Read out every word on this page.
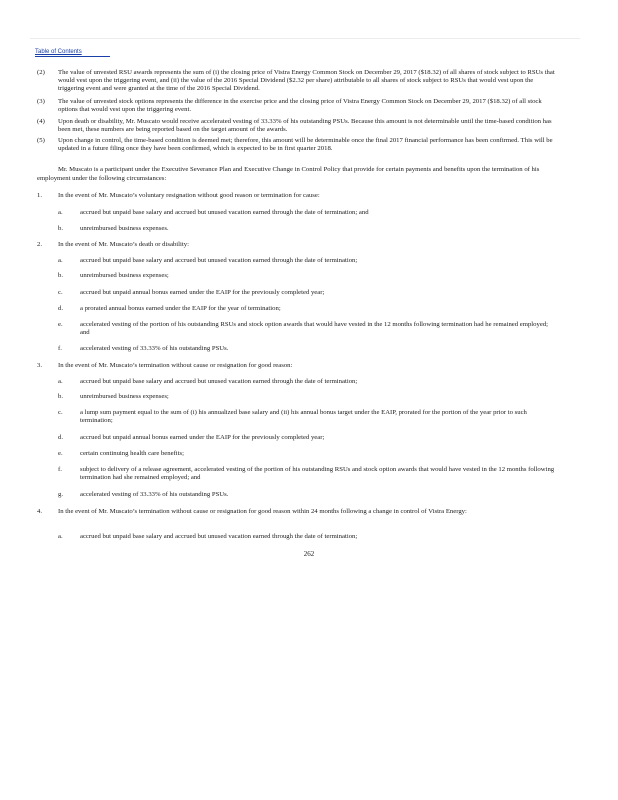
Table of Contents
(2) The value of unvested RSU awards represents the sum of (i) the closing price of Vistra Energy Common Stock on December 29, 2017 ($18.32) of all shares of stock subject to RSUs that would vest upon the triggering event, and (ii) the value of the 2016 Special Dividend ($2.32 per share) attributable to all shares of stock subject to RSUs that would vest upon the triggering event and were granted at the time of the 2016 Special Dividend.
(3) The value of unvested stock options represents the difference in the exercise price and the closing price of Vistra Energy Common Stock on December 29, 2017 ($18.32) of all stock options that would vest upon the triggering event.
(4) Upon death or disability, Mr. Muscato would receive accelerated vesting of 33.33% of his outstanding PSUs. Because this amount is not determinable until the time-based condition has been met, these numbers are being reported based on the target amount of the awards.
(5) Upon change in control, the time-based condition is deemed met; therefore, this amount will be determinable once the final 2017 financial performance has been confirmed. This will be updated in a future filing once they have been confirmed, which is expected to be in first quarter 2018.
Mr. Muscato is a participant under the Executive Severance Plan and Executive Change in Control Policy that provide for certain payments and benefits upon the termination of his employment under the following circumstances:
1. In the event of Mr. Muscato’s voluntary resignation without good reason or termination for cause:
a.	accrued but unpaid base salary and accrued but unused vacation earned through the date of termination; and
b.	unreimbursed business expenses.
2. In the event of Mr. Muscato’s death or disability:
a.	accrued but unpaid base salary and accrued but unused vacation earned through the date of termination;
b.	unreimbursed business expenses;
c.	accrued but unpaid annual bonus earned under the EAIP for the previously completed year;
d.	a prorated annual bonus earned under the EAIP for the year of termination;
e.	accelerated vesting of the portion of his outstanding RSUs and stock option awards that would have vested in the 12 months following termination had he remained employed; and
f.	accelerated vesting of 33.33% of his outstanding PSUs.
3. In the event of Mr. Muscato’s termination without cause or resignation for good reason:
a.	accrued but unpaid base salary and accrued but unused vacation earned through the date of termination;
b.	unreimbursed business expenses;
c.	a lump sum payment equal to the sum of (i) his annualized base salary and (ii) his annual bonus target under the EAIP, prorated for the portion of the year prior to such termination;
d.	accrued but unpaid annual bonus earned under the EAIP for the previously completed year;
e.	certain continuing health care benefits;
f.	subject to delivery of a release agreement, accelerated vesting of the portion of his outstanding RSUs and stock option awards that would have vested in the 12 months following termination had she remained employed; and
g.	accelerated vesting of 33.33% of his outstanding PSUs.
4. In the event of Mr. Muscato’s termination without cause or resignation for good reason within 24 months following a change in control of Vistra Energy:
a.	accrued but unpaid base salary and accrued but unused vacation earned through the date of termination;
262
